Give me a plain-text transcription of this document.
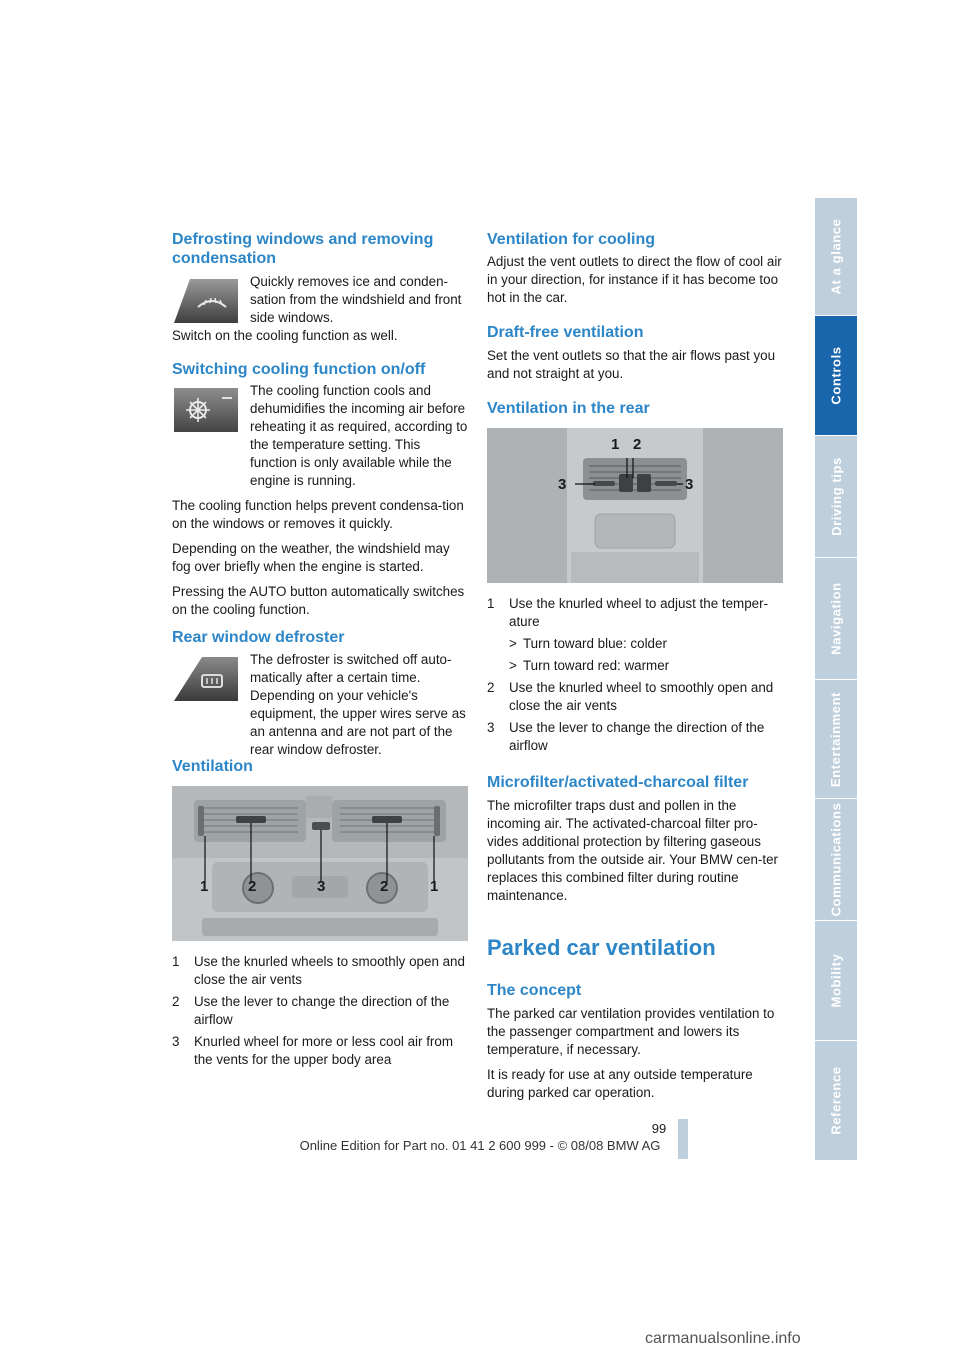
Defrosting windows and removing condensation

Quickly removes ice and conden-sation from the windshield and front side windows.

Switch on the cooling function as well.

Switching cooling function on/off

The cooling function cools and dehumidifies the incoming air before reheating it as required, according to the temperature setting. This function is only available while the engine is running.

The cooling function helps prevent condensa-tion on the windows or removes it quickly.

Depending on the weather, the windshield may fog over briefly when the engine is started.

Pressing the AUTO button automatically switches on the cooling function.

Rear window defroster

The defroster is switched off auto-matically after a certain time. Depending on your vehicle's equipment, the upper wires serve as an antenna and are not part of the rear window defroster.

Ventilation
1	2	3	2	1
1 Use the knurled wheels to smoothly open and close the air vents
2 Use the lever to change the direction of the airflow
3 Knurled wheel for more or less cool air from the vents for the upper body area
Ventilation for cooling

Adjust the vent outlets to direct the flow of cool air in your direction, for instance if it has become too hot in the car.

Draft-free ventilation

Set the vent outlets so that the air flows past you and not straight at you.

Ventilation in the rear
1 2
3	3
1 Use the knurled wheel to adjust the temper-ature
> Turn toward blue: colder
> Turn toward red: warmer
2 Use the knurled wheel to smoothly open and close the air vents
3 Use the lever to change the direction of the airflow
Microfilter/activated-charcoal filter

The microfilter traps dust and pollen in the incoming air. The activated-charcoal filter pro-vides additional protection by filtering gaseous pollutants from the outside air. Your BMW cen-ter replaces this combined filter during routine maintenance.

Parked car ventilation
The concept

The parked car ventilation provides ventilation to the passenger compartment and lowers its temperature, if necessary.

It is ready for use at any outside temperature during parked car operation.

At a glance
Controls
Driving tips
Navigation
Entertainment
Communications
Mobility
Reference
99
Online Edition for Part no. 01 41 2 600 999 - © 08/08 BMW AG
carmanualsonline.info
